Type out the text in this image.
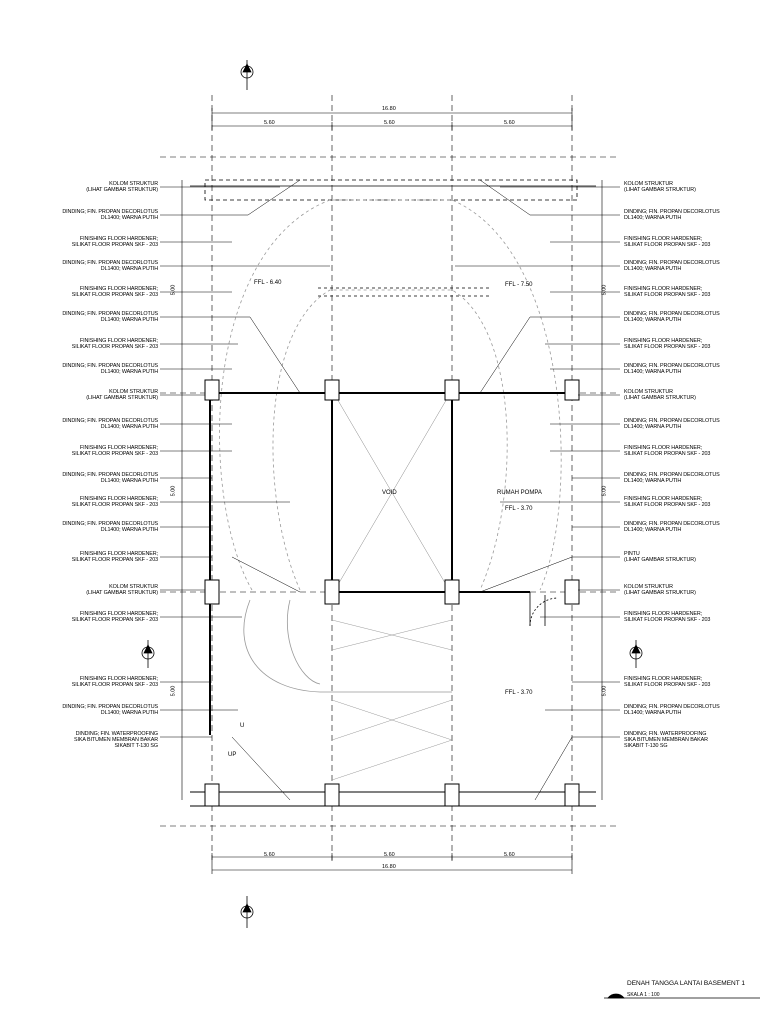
16.80
5.60	5.60	5.60
5.60	5.60	5.60
16.80
5.00
5.00
5.00
5.00
5.00
5.00
VOID	RUMAH POMPA
FFL - 3.70
FFL - 6.40	FFL - 7.50
FFL - 3.70
U
UP
KOLOM STRUKTUR
(LIHAT GAMBAR STRUKTUR)
DINDING; FIN. PROPAN DECORLOTUS
DL1400; WARNA PUTIH
FINISHING FLOOR HARDENER;
SILIKAT FLOOR PROPAN SKF - 203
DINDING; FIN. PROPAN DECORLOTUS
DL1400; WARNA PUTIH
FINISHING FLOOR HARDENER;
SILIKAT FLOOR PROPAN SKF - 203
DINDING; FIN. PROPAN DECORLOTUS
DL1400; WARNA PUTIH
FINISHING FLOOR HARDENER;
SILIKAT FLOOR PROPAN SKF - 203
DINDING; FIN. PROPAN DECORLOTUS
DL1400; WARNA PUTIH
KOLOM STRUKTUR
(LIHAT GAMBAR STRUKTUR)
DINDING; FIN. PROPAN DECORLOTUS
DL1400; WARNA PUTIH
FINISHING FLOOR HARDENER;
SILIKAT FLOOR PROPAN SKF - 203
DINDING; FIN. PROPAN DECORLOTUS
DL1400; WARNA PUTIH
FINISHING FLOOR HARDENER;
SILIKAT FLOOR PROPAN SKF - 203
DINDING; FIN. PROPAN DECORLOTUS
DL1400; WARNA PUTIH
FINISHING FLOOR HARDENER;
SILIKAT FLOOR PROPAN SKF - 203
KOLOM STRUKTUR
(LIHAT GAMBAR STRUKTUR)
FINISHING FLOOR HARDENER;
SILIKAT FLOOR PROPAN SKF - 203
FINISHING FLOOR HARDENER;
SILIKAT FLOOR PROPAN SKF - 203
DINDING; FIN. PROPAN DECORLOTUS
DL1400; WARNA PUTIH
DINDING; FIN. WATERPROOFING
SIKA BITUMEN MEMBRAN BAKAR
SIKABIT T-130 SG
KOLOM STRUKTUR
(LIHAT GAMBAR STRUKTUR)
DINDING; FIN. PROPAN DECORLOTUS
DL1400; WARNA PUTIH
FINISHING FLOOR HARDENER;
SILIKAT FLOOR PROPAN SKF - 203
DINDING; FIN. PROPAN DECORLOTUS
DL1400; WARNA PUTIH
FINISHING FLOOR HARDENER;
SILIKAT FLOOR PROPAN SKF - 203
DINDING; FIN. PROPAN DECORLOTUS
DL1400; WARNA PUTIH
FINISHING FLOOR HARDENER;
SILIKAT FLOOR PROPAN SKF - 203
DINDING; FIN. PROPAN DECORLOTUS
DL1400; WARNA PUTIH
KOLOM STRUKTUR
(LIHAT GAMBAR STRUKTUR)
DINDING; FIN. PROPAN DECORLOTUS
DL1400; WARNA PUTIH
FINISHING FLOOR HARDENER;
SILIKAT FLOOR PROPAN SKF - 203
DINDING; FIN. PROPAN DECORLOTUS
DL1400; WARNA PUTIH
FINISHING FLOOR HARDENER;
SILIKAT FLOOR PROPAN SKF - 203
DINDING; FIN. PROPAN DECORLOTUS
DL1400; WARNA PUTIH
PINTU
(LIHAT GAMBAR STRUKTUR)
KOLOM STRUKTUR
(LIHAT GAMBAR STRUKTUR)
FINISHING FLOOR HARDENER;
SILIKAT FLOOR PROPAN SKF - 203
FINISHING FLOOR HARDENER;
SILIKAT FLOOR PROPAN SKF - 203
DINDING; FIN. PROPAN DECORLOTUS
DL1400; WARNA PUTIH
DINDING; FIN. WATERPROOFING
SIKA BITUMEN MEMBRAN BAKAR
SIKABIT T-130 SG
DENAH TANGGA LANTAI BASEMENT 1
SKALA 1 : 100
